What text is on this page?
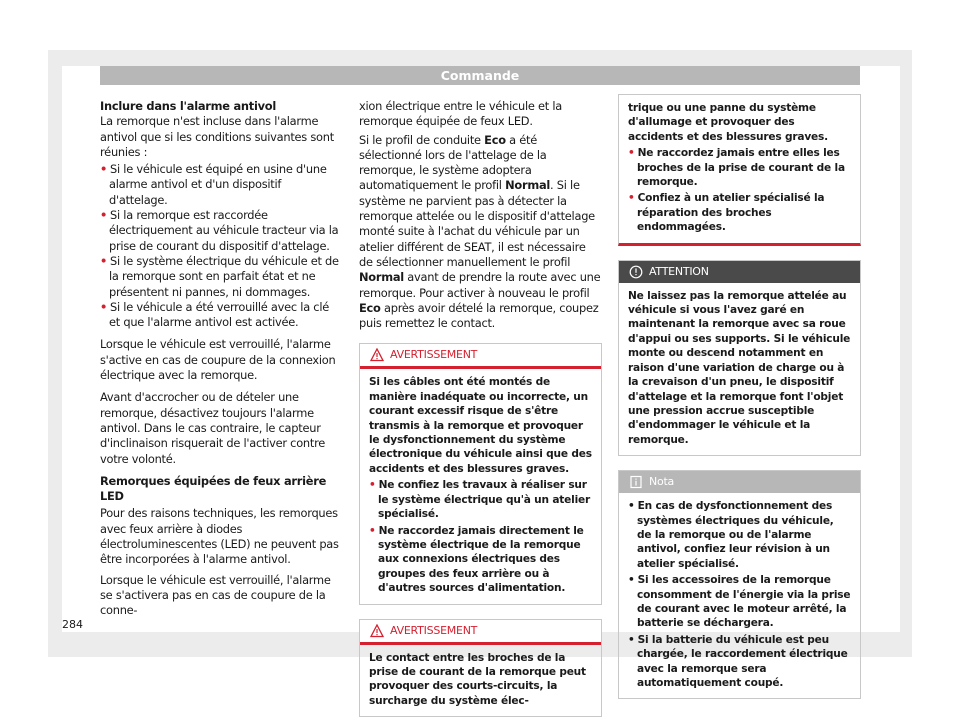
Commande

Inclure dans l'alarme antivol

La remorque n'est incluse dans l'alarme antivol que si les conditions suivantes sont réunies :

• Si le véhicule est équipé en usine d'une alarme antivol et d'un dispositif d'attelage.
• Si la remorque est raccordée électriquement au véhicule tracteur via la prise de courant du dispositif d'attelage.
• Si le système électrique du véhicule et de la remorque sont en parfait état et ne présentent ni pannes, ni dommages.
• Si le véhicule a été verrouillé avec la clé et que l'alarme antivol est activée.

Lorsque le véhicule est verrouillé, l'alarme s'active en cas de coupure de la connexion électrique avec la remorque.

Avant d'accrocher ou de dételer une remorque, désactivez toujours l'alarme antivol. Dans le cas contraire, le capteur d'inclinaison risquerait de l'activer contre votre volonté.

Remorques équipées de feux arrière LED

Pour des raisons techniques, les remorques avec feux arrière à diodes électroluminescentes (LED) ne peuvent pas être incorporées à l'alarme antivol.

Lorsque le véhicule est verrouillé, l'alarme se s'activera pas en cas de coupure de la conne-

xion électrique entre le véhicule et la remorque équipée de feux LED.

Si le profil de conduite Eco a été sélectionné lors de l'attelage de la remorque, le système adoptera automatiquement le profil Normal. Si le système ne parvient pas à détecter la remorque attelée ou le dispositif d'attelage monté suite à l'achat du véhicule par un atelier différent de SEAT, il est nécessaire de sélectionner manuellement le profil Normal avant de prendre la route avec une remorque. Pour activer à nouveau le profil Eco après avoir dételé la remorque, coupez puis remettez le contact.

AVERTISSEMENT
Si les câbles ont été montés de manière inadéquate ou incorrecte, un courant excessif risque de s'être transmis à la remorque et provoquer le dysfonctionnement du système électronique du véhicule ainsi que des accidents et des blessures graves.
• Ne confiez les travaux à réaliser sur le système électrique qu'à un atelier spécialisé.
• Ne raccordez jamais directement le système électrique de la remorque aux connexions électriques des groupes des feux arrière ou à d'autres sources d'alimentation.
AVERTISSEMENT
Le contact entre les broches de la prise de courant de la remorque peut provoquer des courts-circuits, la surcharge du système élec-
trique ou une panne du système d'allumage et provoquer des accidents et des blessures graves.
• Ne raccordez jamais entre elles les broches de la prise de courant de la remorque.
• Confiez à un atelier spécialisé la réparation des broches endommagées.
ATTENTION
Ne laissez pas la remorque attelée au véhicule si vous l'avez garé en maintenant la remorque avec sa roue d'appui ou ses supports. Si le véhicule monte ou descend notamment en raison d'une variation de charge ou à la crevaison d'un pneu, le dispositif d'attelage et la remorque font l'objet une pression accrue susceptible d'endommager le véhicule et la remorque.
Nota
• En cas de dysfonctionnement des systèmes électriques du véhicule, de la remorque ou de l'alarme antivol, confiez leur révision à un atelier spécialisé.
• Si les accessoires de la remorque consomment de l'énergie via la prise de courant avec le moteur arrêté, la batterie se déchargera.
• Si la batterie du véhicule est peu chargée, le raccordement électrique avec la remorque sera automatiquement coupé.
284
